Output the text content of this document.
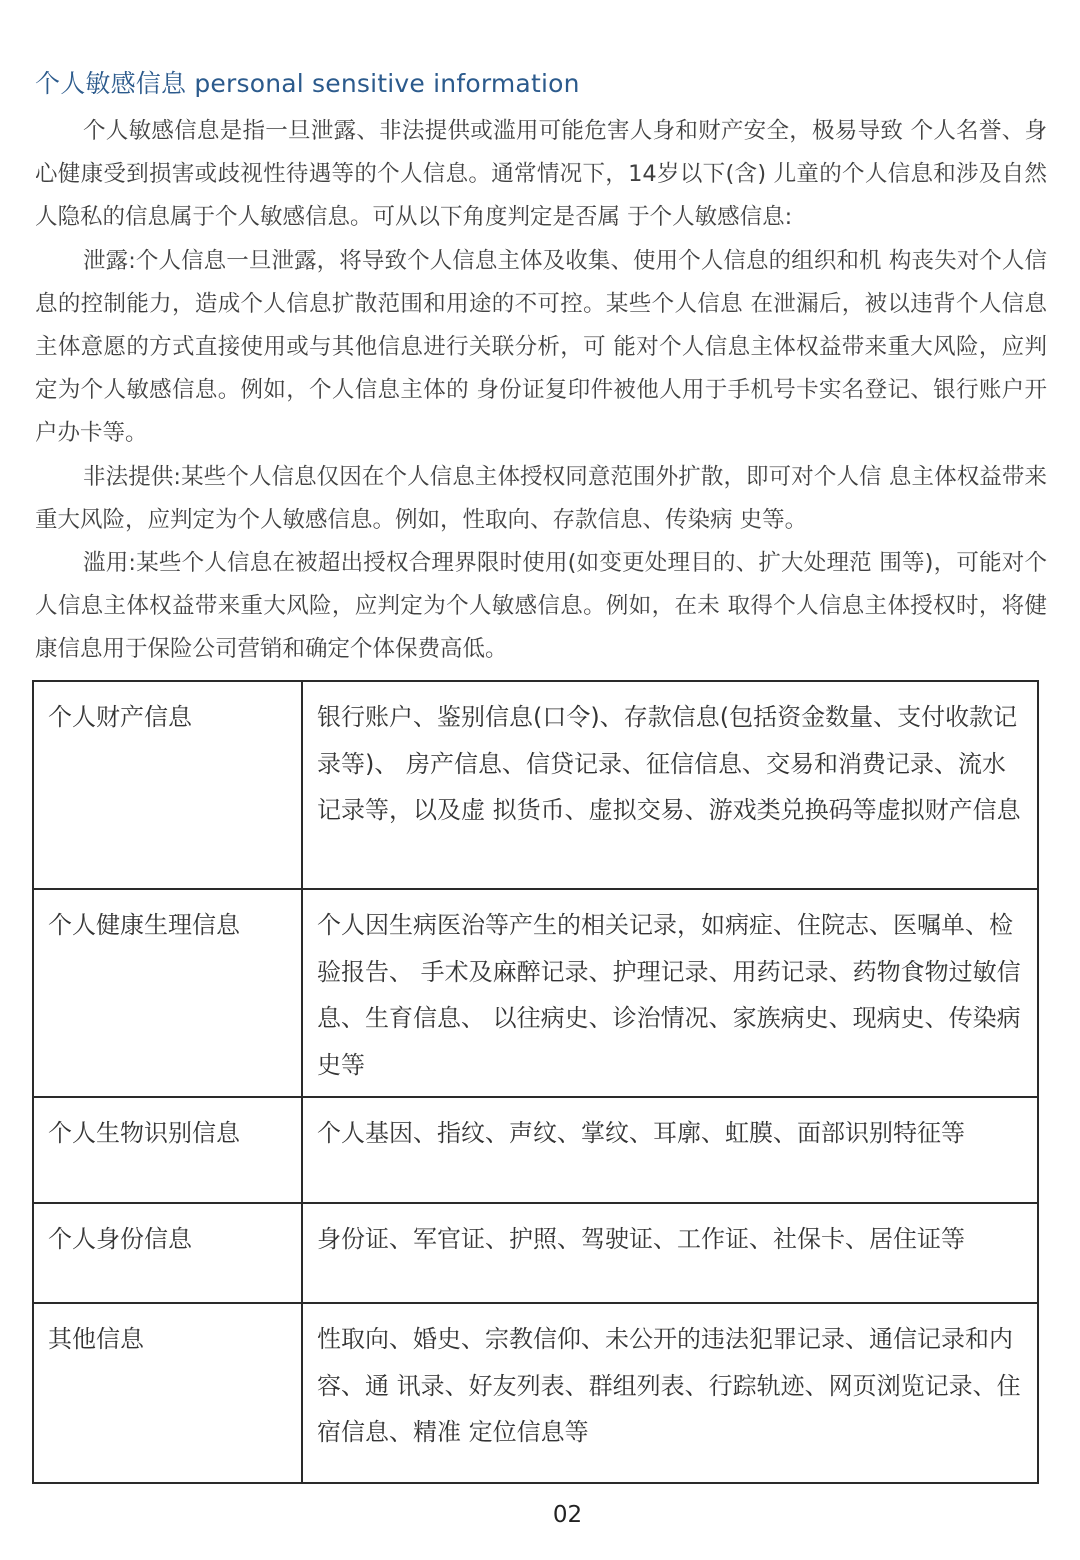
个人敏感信息 personal sensitive information

个人敏感信息是指一旦泄露、非法提供或滥用可能危害人身和财产安全，极易导致 个人名誉、身心健康受到损害或歧视性待遇等的个人信息。通常情况下，14岁以下(含) 儿童的个人信息和涉及自然人隐私的信息属于个人敏感信息。可从以下角度判定是否属 于个人敏感信息:

泄露:个人信息一旦泄露，将导致个人信息主体及收集、使用个人信息的组织和机 构丧失对个人信息的控制能力，造成个人信息扩散范围和用途的不可控。某些个人信息 在泄漏后，被以违背个人信息主体意愿的方式直接使用或与其他信息进行关联分析，可 能对个人信息主体权益带来重大风险，应判定为个人敏感信息。例如，个人信息主体的 身份证复印件被他人用于手机号卡实名登记、银行账户开户办卡等。

非法提供:某些个人信息仅因在个人信息主体授权同意范围外扩散，即可对个人信 息主体权益带来重大风险，应判定为个人敏感信息。例如，性取向、存款信息、传染病 史等。

滥用:某些个人信息在被超出授权合理界限时使用(如变更处理目的、扩大处理范 围等)，可能对个人信息主体权益带来重大风险，应判定为个人敏感信息。例如，在未 取得个人信息主体授权时，将健康信息用于保险公司营销和确定个体保费高低。

个人财产信息	银行账户、鉴别信息(口令)、存款信息(包括资金数量、支付收款记录等)、 房产信息、信贷记录、征信信息、交易和消费记录、流水记录等，以及虚 拟货币、虚拟交易、游戏类兑换码等虚拟财产信息
个人健康生理信息	个人因生病医治等产生的相关记录，如病症、住院志、医嘱单、检验报告、 手术及麻醉记录、护理记录、用药记录、药物食物过敏信息、生育信息、 以往病史、诊治情况、家族病史、现病史、传染病史等
个人生物识别信息	个人基因、指纹、声纹、掌纹、耳廓、虹膜、面部识别特征等
个人身份信息	身份证、军官证、护照、驾驶证、工作证、社保卡、居住证等
其他信息	性取向、婚史、宗教信仰、未公开的违法犯罪记录、通信记录和内容、通 讯录、好友列表、群组列表、行踪轨迹、网页浏览记录、住宿信息、精准 定位信息等
02
